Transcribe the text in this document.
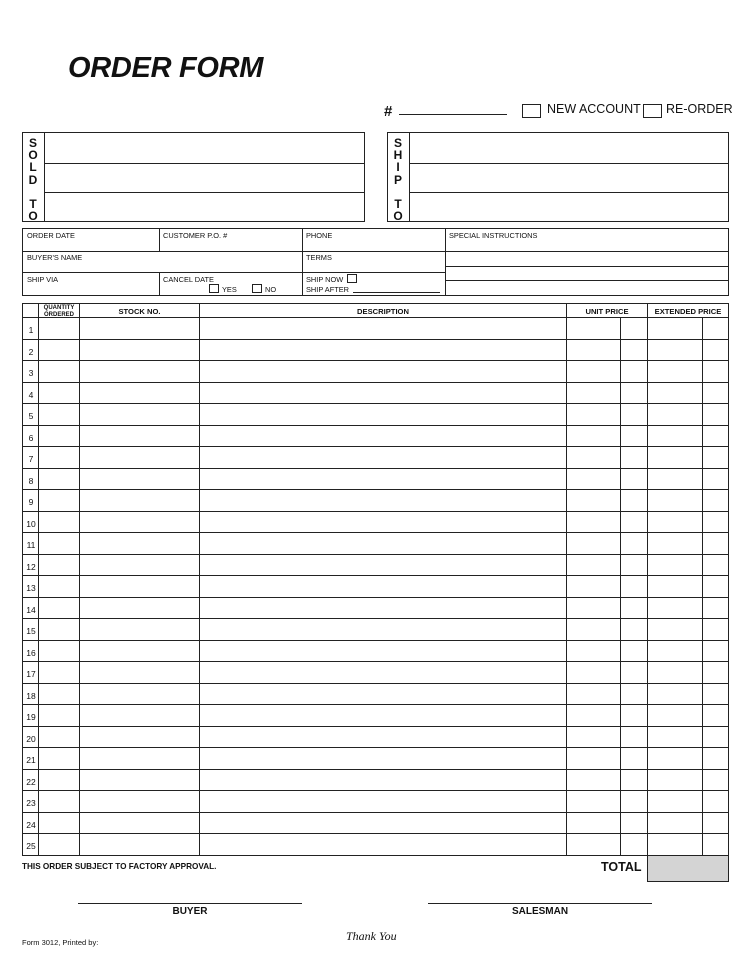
ORDER FORM
#	NEW ACCOUNT RE-ORDER
S
O
L
D
T
O
S
H
I
P
T
O
ORDER DATE	CUSTOMER P.O. #	PHONE	SPECIAL INSTRUCTIONS
BUYER'S NAME	TERMS
SHIP VIA	CANCEL DATE
YES	NO
SHIP NOW
SHIP AFTER
QUANTITY
ORDERED	STOCK NO.	DESCRIPTION	UNIT PRICE	EXTENDED PRICE
1
2
3
4
5
6
7
8
9
10
11
12
13
14
15
16
17
18
19
20
21
22
23
24
25
THIS ORDER SUBJECT TO FACTORY APPROVAL.	TOTAL
BUYER	SALESMAN
Form 3012, Printed by:	Thank You
